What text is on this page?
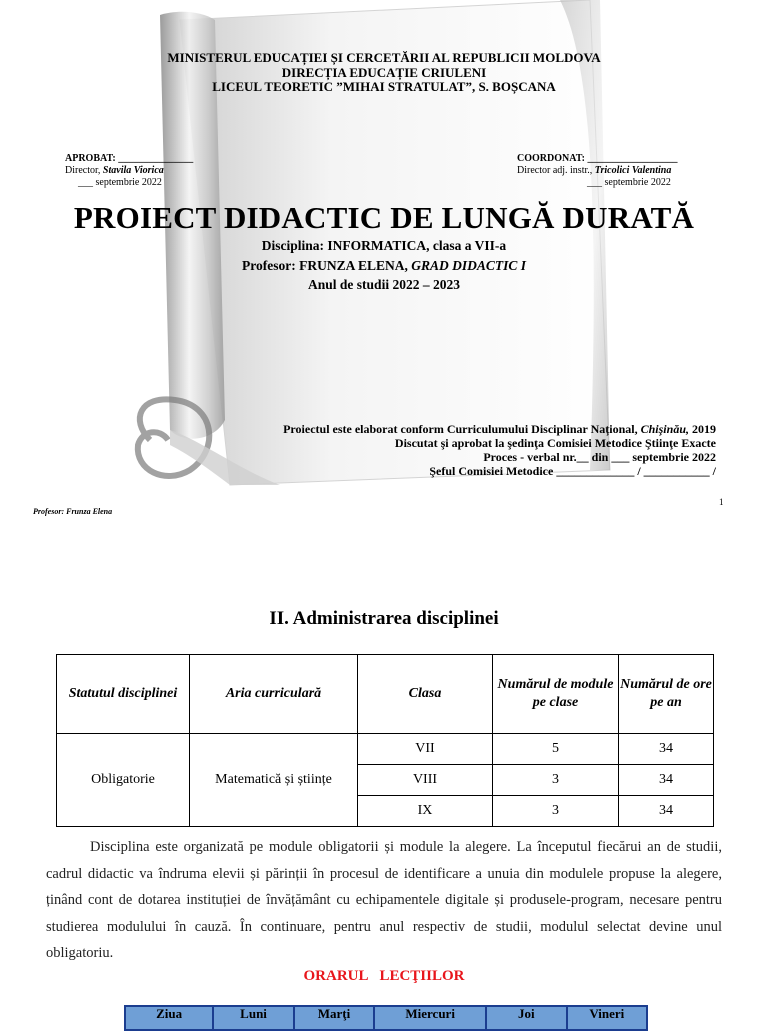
MINISTERUL EDUCAȚIEI ȘI CERCETĂRII AL REPUBLICII MOLDOVA
DIRECȚIA EDUCAȚIE CRIULENI
LICEUL TEORETIC ”MIHAI STRATULAT”, S. BOȘCANA
APROBAT: _______________
Director, Stavila Viorica
___ septembrie 2022
COORDONAT: __________________
Director adj. instr., Tricolici Valentina
___ septembrie 2022
PROIECT DIDACTIC DE LUNGĂ DURATĂ
Disciplina: INFORMATICA, clasa a VII-a
Profesor: FRUNZA ELENA, GRAD DIDACTIC I
Anul de studii 2022 – 2023
Proiectul este elaborat conform Curriculumului Disciplinar Național, Chişinău, 2019
Discutat şi aprobat la şedinţa Comisiei Metodice Ştiinţe Exacte
Proces - verbal nr.__ din ___ septembrie 2022
Şeful Comisiei Metodice _____________ / ___________ /
1
Profesor: Frunza Elena
II. Administrarea disciplinei
Statutul disciplinei	Aria curriculară	Clasa	Numărul de module pe clase	Numărul de ore pe an
Obligatorie	Matematică și științe	VII	5	34
		VIII	3	34
		IX	3	34
Disciplina este organizată pe module obligatorii și module la alegere. La începutul fiecărui an de studii, cadrul didactic va îndruma elevii și părinții în procesul de identificare a unuia din modulele propuse la alegere, ținând cont de dotarea instituției de învățământ cu echipamentele digitale și produsele-program, necesare pentru studierea modulului în cauză. În continuare, pentru anul respectiv de studii, modulul selectat devine unul obligatoriu.
ORARUL LECŢIILOR
Ziua	Luni	Marţi	Miercuri	Joi	Vineri
